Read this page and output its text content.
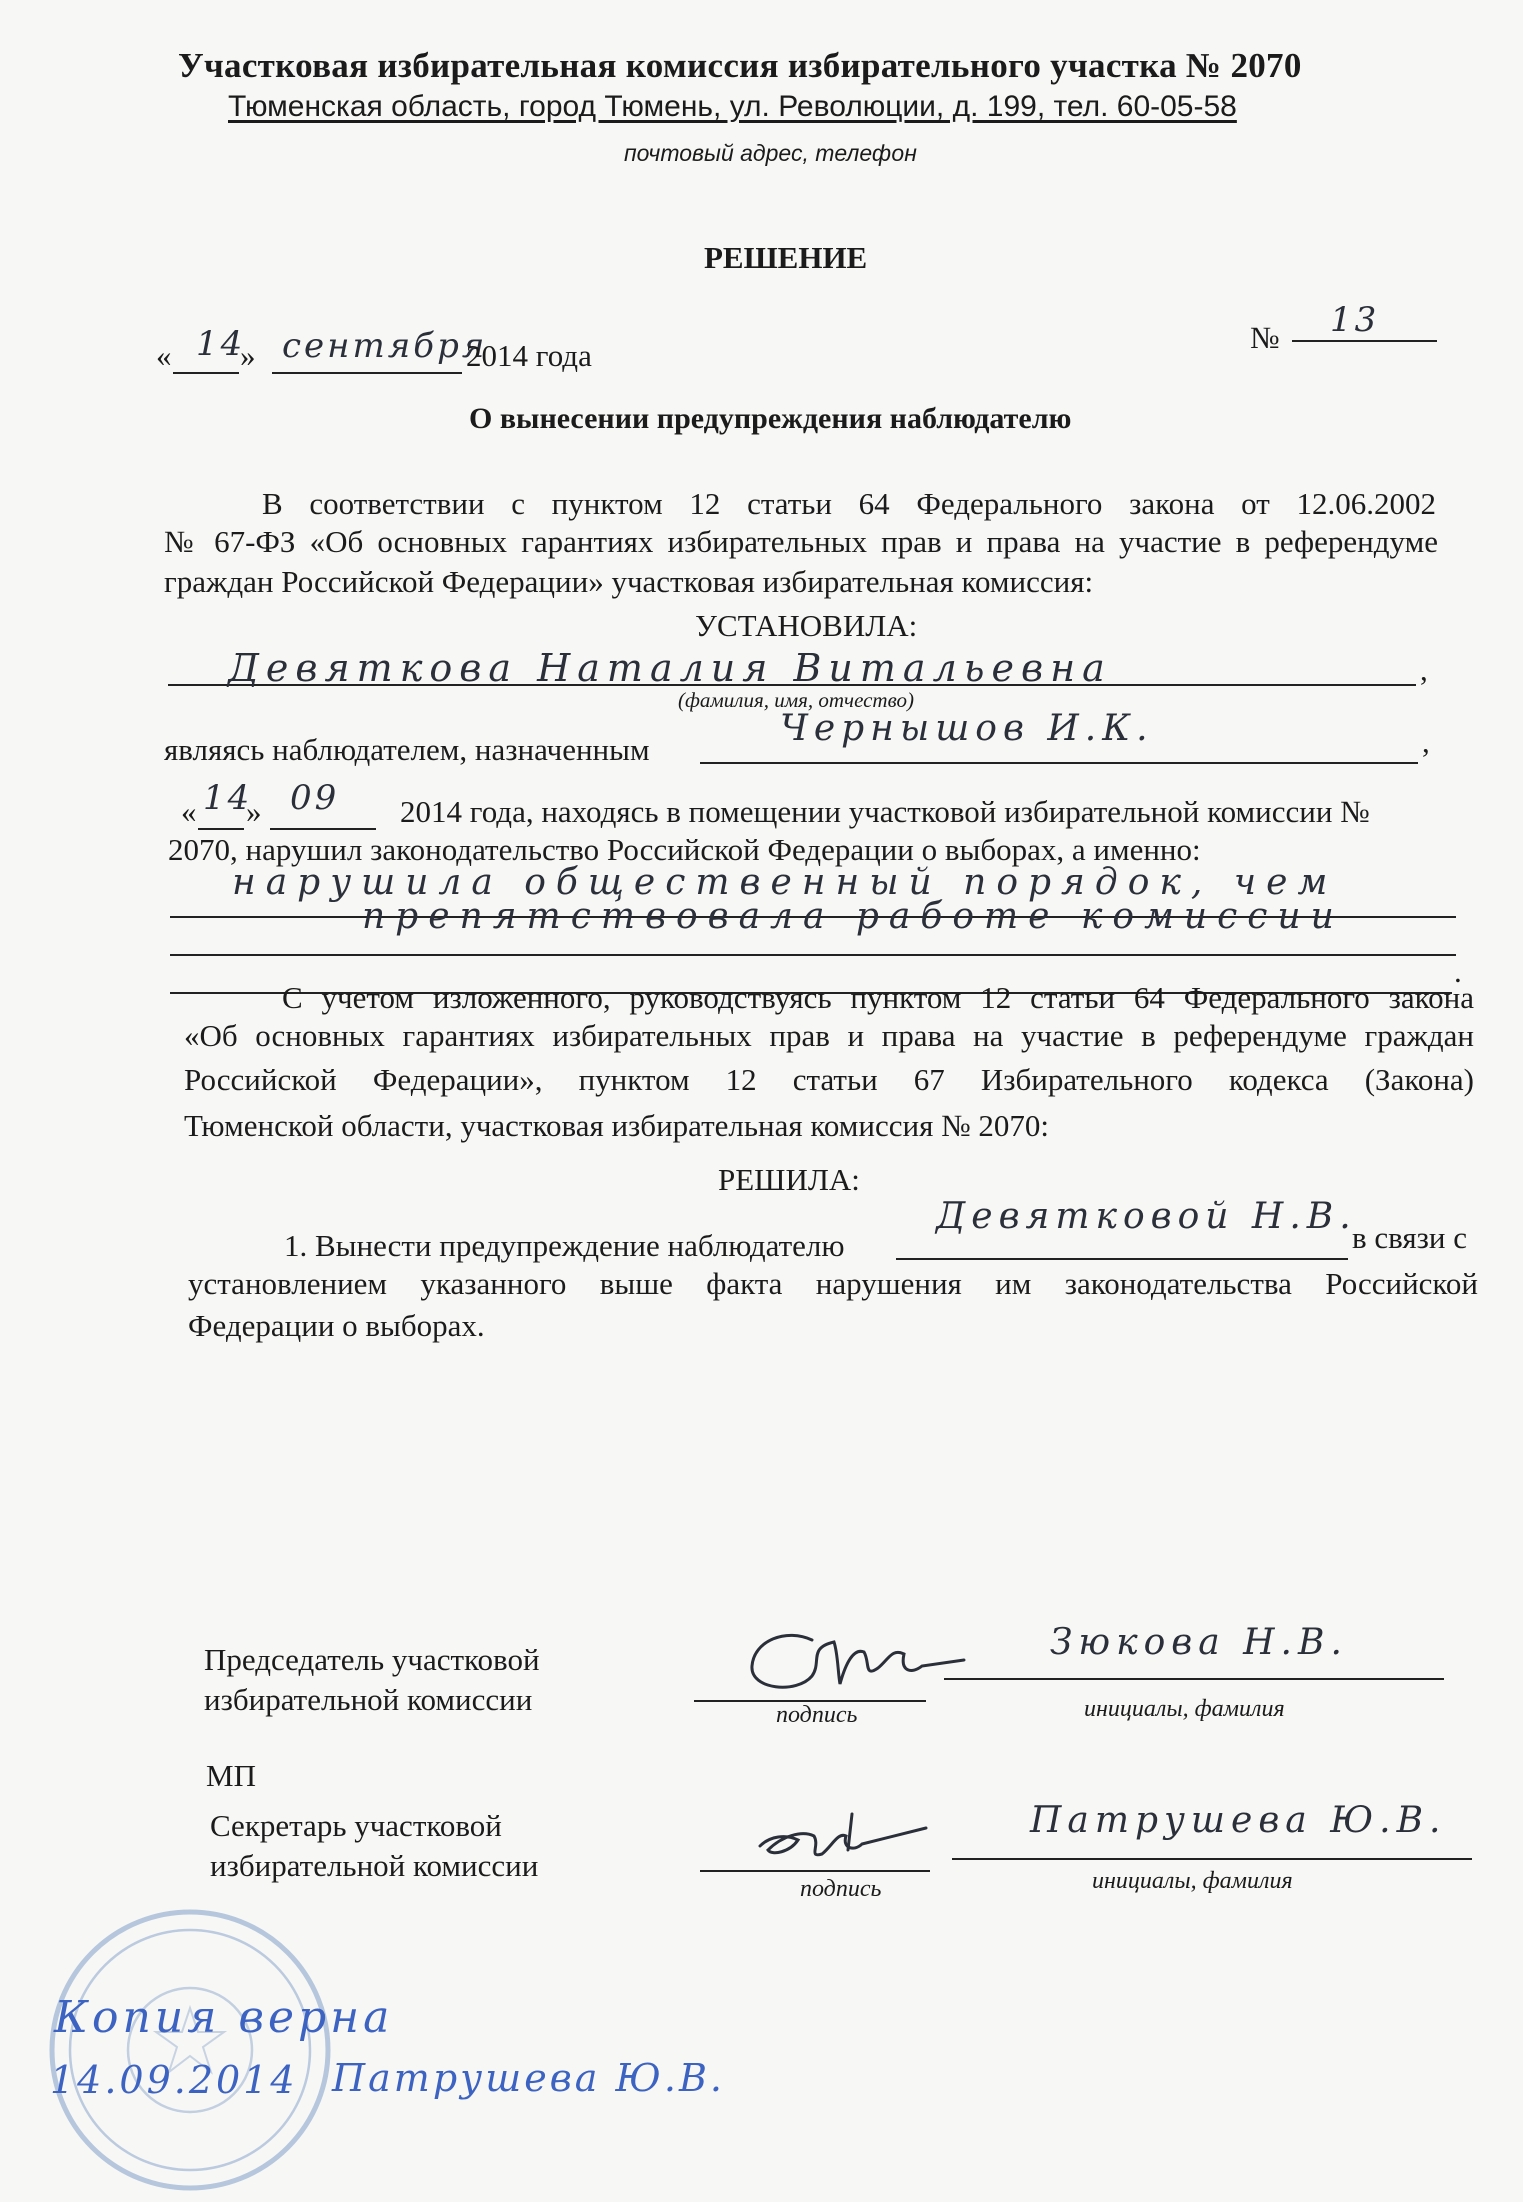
Участковая избирательная комиссия избирательного участка № 2070
Тюменская область, город Тюмень, ул. Революции, д. 199, тел. 60-05-58
почтовый адрес, телефон
РЕШЕНИЕ
« 14
» сентября
2014 года
№ 13
О вынесении предупреждения наблюдателю
В соответствии с пунктом 12 статьи 64 Федерального закона от 12.06.2002
№ 67-ФЗ «Об основных гарантиях избирательных прав и права на участие в референдуме
граждан Российской Федерации» участковая избирательная комиссия:
УСТАНОВИЛА:
Девяткова Наталия Витальевна	,
(фамилия, имя, отчество)
являясь наблюдателем, назначенным
Чернышов И.К.	,
« 14
» 09 2014 года, находясь в помещении участковой избирательной комиссии №
2070, нарушил законодательство Российской Федерации о выборах, а именно:
нарушила общественный порядок, чем
препятствовала работе комиссии
.
С учетом изложенного, руководствуясь пунктом 12 статьи 64 Федерального закона
«Об основных гарантиях избирательных прав и права на участие в референдуме граждан
Российской Федерации», пунктом 12 статьи 67 Избирательного кодекса (Закона)
Тюменской области, участковая избирательная комиссия № 2070:
РЕШИЛА:
1. Вынести предупреждение наблюдателю
Девятковой Н.В.
в связи с
установлением указанного выше факта нарушения им законодательства Российской
Федерации о выборах.
Председатель участковой
избирательной комиссии	подпись
Зюкова Н.В.
инициалы, фамилия
МП
Секретарь участковой
избирательной комиссии
подпись
Патрушева Ю.В.
инициалы, фамилия
Копия верна
14.09.2014 Патрушева Ю.В.
